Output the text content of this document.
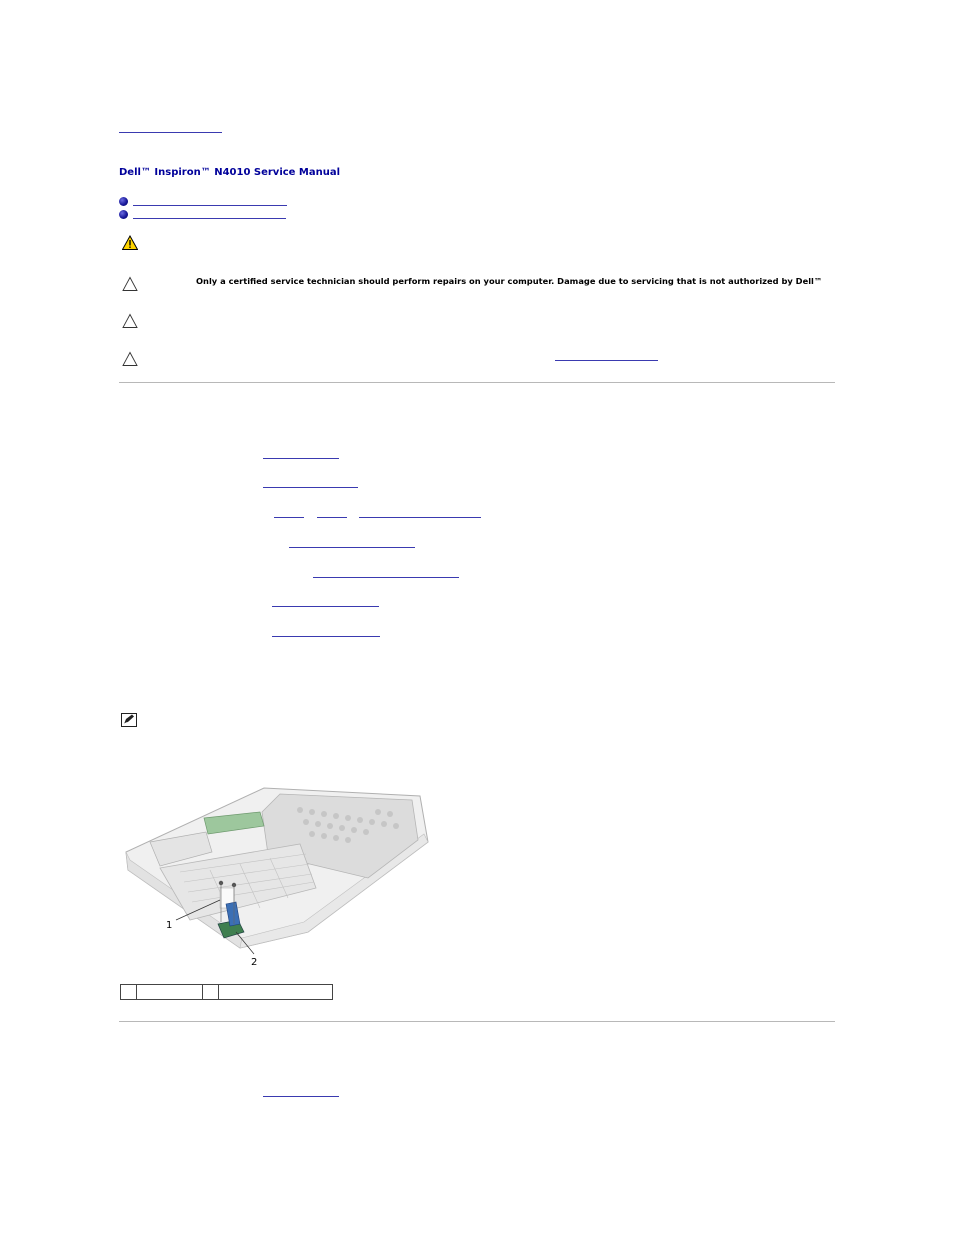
Dell™ Inspiron™ N4010 Service Manual
Only a certified service technician should perform repairs on your computer. Damage due to servicing that is not authorized by Dell™
1
2
